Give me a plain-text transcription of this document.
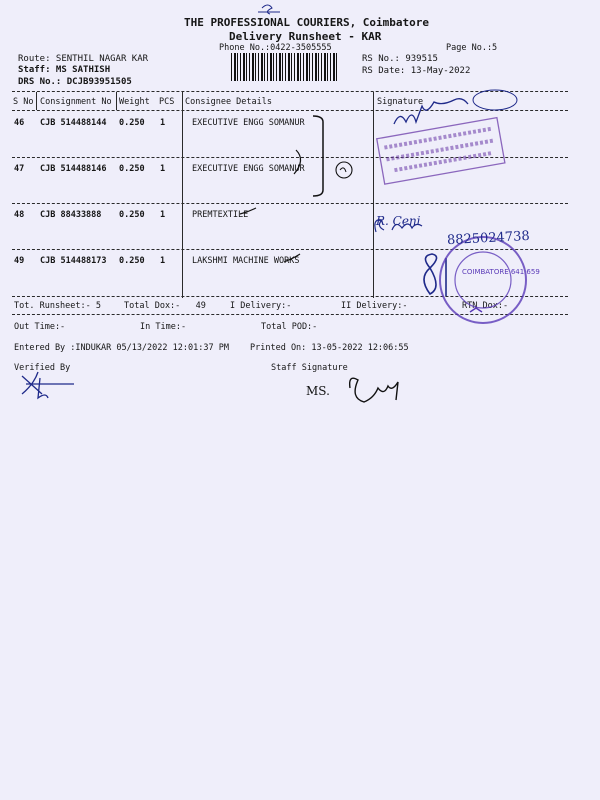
THE PROFESSIONAL COURIERS, Coimbatore
Delivery Runsheet - KAR
Phone No.:0422-3505555	Page No.:5
Route: SENTHIL NAGAR KAR
Staff: MS SATHISH
DRS No.: DCJB93951505
RS No.: 939515
RS Date: 13-May-2022
S No Consignment No Weight PCS Consignee Details	Signature
46 CJB 514488144 0.250 1	EXECUTIVE ENGG SOMANUR
47 CJB 514488146 0.250 1	EXECUTIVE ENGG SOMANUR
48 CJB 88433888 0.250 1	PREMTEXTILE
49 CJB 514488173 0.250 1	LAKSHMI MACHINE WORKS
Tot. Runsheet:- 5	Total Dox:-   49	I Delivery:-	II Delivery:-	RTN Dox:-
Out Time:-	In Time:-	Total POD:-
Entered By :INDUKAR 05/13/2022 12:01:37 PM Printed On: 13-05-2022 12:06:55
Verified By	Staff Signature
8825024738
MS.
R. Ceni
COIMBATORE 641 659
